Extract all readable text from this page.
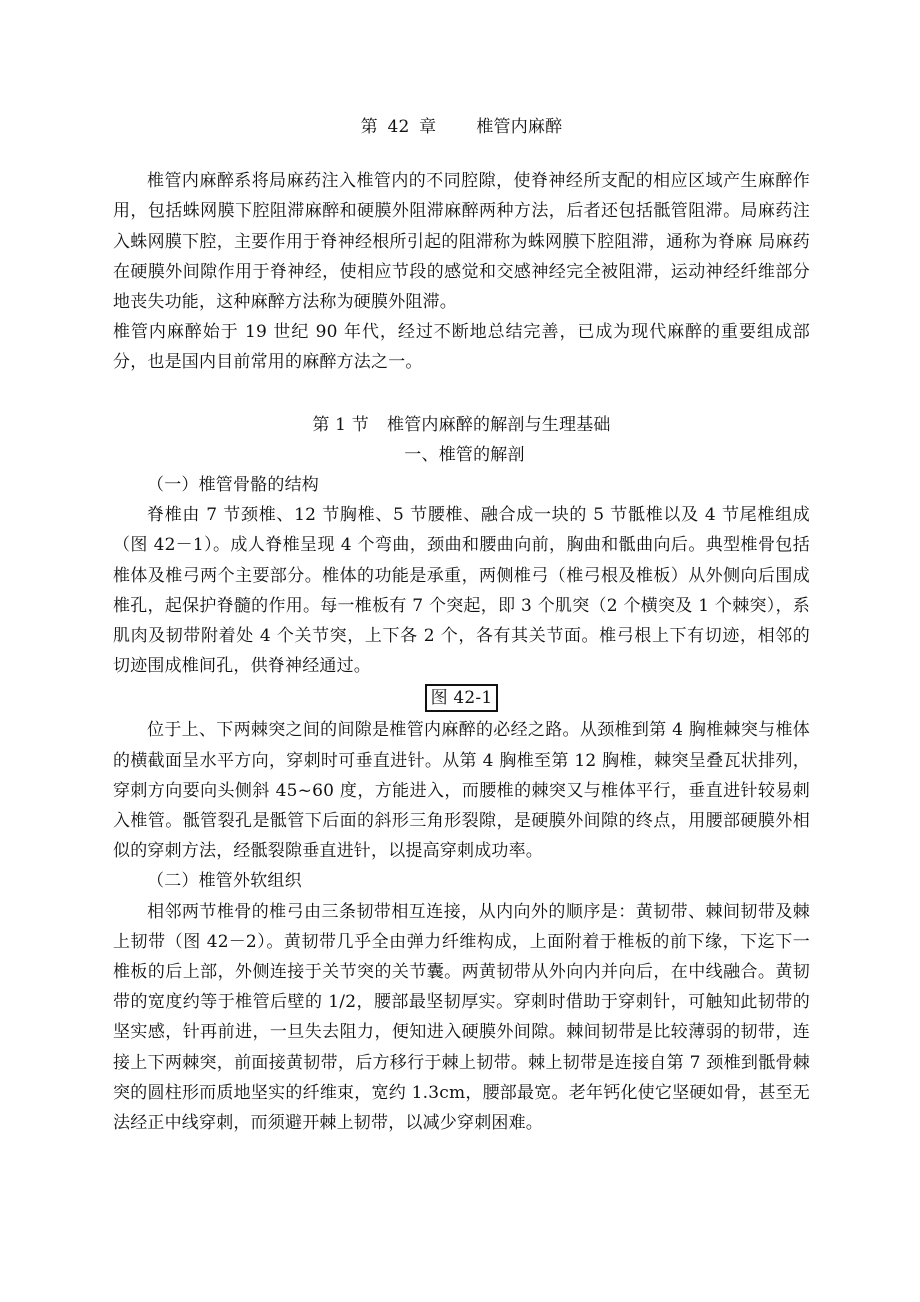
第 42 章 椎管内麻醉

椎管内麻醉系将局麻药注入椎管内的不同腔隙，使脊神经所支配的相应区域产生麻醉作用，包括蛛网膜下腔阻滞麻醉和硬膜外阻滞麻醉两种方法，后者还包括骶管阻滞。局麻药注入蛛网膜下腔，主要作用于脊神经根所引起的阻滞称为蛛网膜下腔阻滞，通称为脊麻 局麻药在硬膜外间隙作用于脊神经，使相应节段的感觉和交感神经完全被阻滞，运动神经纤维部分地丧失功能，这种麻醉方法称为硬膜外阻滞。

椎管内麻醉始于 19 世纪 90 年代，经过不断地总结完善，已成为现代麻醉的重要组成部分，也是国内目前常用的麻醉方法之一。

第 1 节 椎管内麻醉的解剖与生理基础
一、椎管的解剖
（一）椎管骨骼的结构

脊椎由 7 节颈椎、12 节胸椎、5 节腰椎、融合成一块的 5 节骶椎以及 4 节尾椎组成（图 42－1）。成人脊椎呈现 4 个弯曲，颈曲和腰曲向前，胸曲和骶曲向后。典型椎骨包括椎体及椎弓两个主要部分。椎体的功能是承重，两侧椎弓（椎弓根及椎板）从外侧向后围成椎孔，起保护脊髓的作用。每一椎板有 7 个突起，即 3 个肌突（2 个横突及 1 个棘突），系肌肉及韧带附着处 4 个关节突，上下各 2 个，各有其关节面。椎弓根上下有切迹，相邻的切迹围成椎间孔，供脊神经通过。

图 42-1

位于上、下两棘突之间的间隙是椎管内麻醉的必经之路。从颈椎到第 4 胸椎棘突与椎体的横截面呈水平方向，穿刺时可垂直进针。从第 4 胸椎至第 12 胸椎，棘突呈叠瓦状排列，穿刺方向要向头侧斜 45~60 度，方能进入，而腰椎的棘突又与椎体平行，垂直进针较易刺入椎管。骶管裂孔是骶管下后面的斜形三角形裂隙，是硬膜外间隙的终点，用腰部硬膜外相似的穿刺方法，经骶裂隙垂直进针，以提高穿刺成功率。

（二）椎管外软组织

相邻两节椎骨的椎弓由三条韧带相互连接，从内向外的顺序是：黄韧带、棘间韧带及棘上韧带（图 42－2）。黄韧带几乎全由弹力纤维构成，上面附着于椎板的前下缘，下迄下一椎板的后上部，外侧连接于关节突的关节囊。两黄韧带从外向内并向后，在中线融合。黄韧带的宽度约等于椎管后壁的 1/2，腰部最坚韧厚实。穿刺时借助于穿刺针，可触知此韧带的坚实感，针再前进，一旦失去阻力，便知进入硬膜外间隙。棘间韧带是比较薄弱的韧带，连接上下两棘突，前面接黄韧带，后方移行于棘上韧带。棘上韧带是连接自第 7 颈椎到骶骨棘突的圆柱形而质地坚实的纤维束，宽约 1.3cm，腰部最宽。老年钙化使它坚硬如骨，甚至无法经正中线穿刺，而须避开棘上韧带，以减少穿刺困难。
